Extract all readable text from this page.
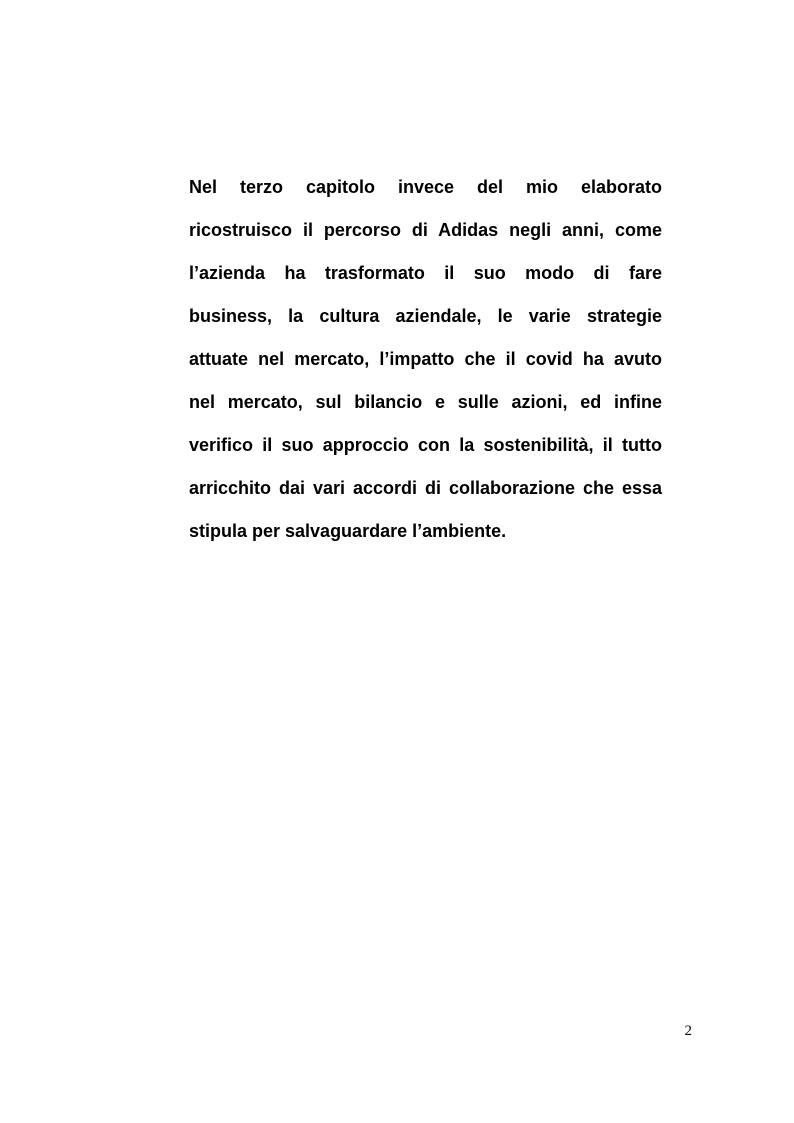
Nel terzo capitolo invece del mio elaborato
ricostruisco il percorso di Adidas negli anni, come
l’azienda ha trasformato il suo modo di fare
business, la cultura aziendale, le varie strategie
attuate nel mercato, l’impatto che il covid ha avuto
nel mercato, sul bilancio e sulle azioni, ed infine
verifico il suo approccio con la sostenibilità, il tutto
arricchito dai vari accordi di collaborazione che essa
stipula per salvaguardare l’ambiente.

2
